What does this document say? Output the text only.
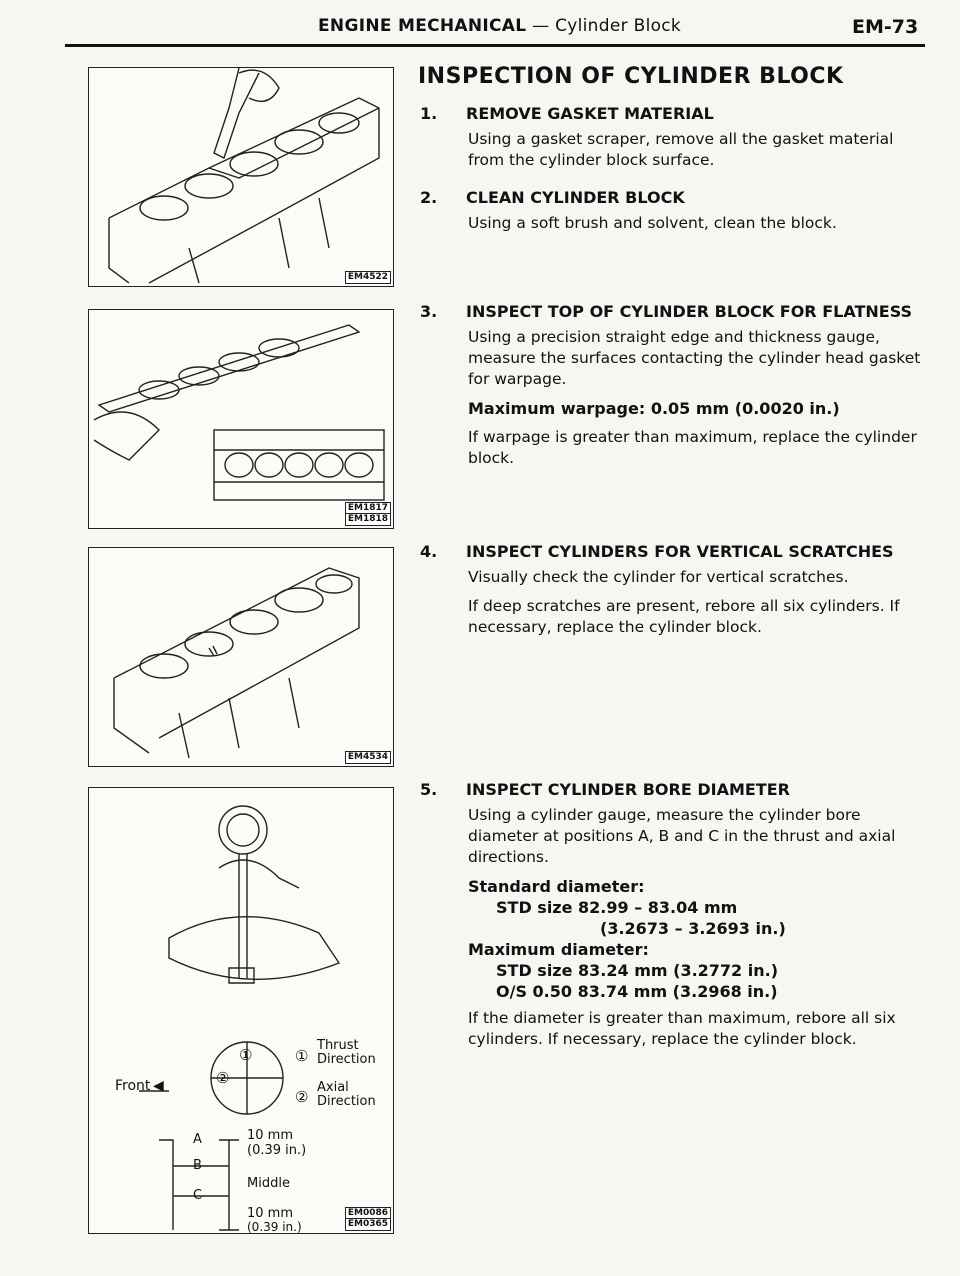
ENGINE MECHANICAL — Cylinder Block	EM-73
EM4522
EM1817
EM1818
EM4534
①
②
Front ◀
①
Thrust
Direction
②
Axial
Direction
A
B
C
10 mm
(0.39 in.)
Middle
10 mm
(0.39 in.)
EM0086
EM0365
INSPECTION OF CYLINDER BLOCK

1. REMOVE GASKET MATERIAL

Using a gasket scraper, remove all the gasket material from the cylinder block surface.

2. CLEAN CYLINDER BLOCK

Using a soft brush and solvent, clean the block.

3. INSPECT TOP OF CYLINDER BLOCK FOR FLATNESS

Using a precision straight edge and thickness gauge, measure the surfaces contacting the cylinder head gasket for warpage.

Maximum warpage: 0.05 mm (0.0020 in.)

If warpage is greater than maximum, replace the cylinder block.

4. INSPECT CYLINDERS FOR VERTICAL SCRATCHES

Visually check the cylinder for vertical scratches.

If deep scratches are present, rebore all six cylinders. If necessary, replace the cylinder block.

5. INSPECT CYLINDER BORE DIAMETER

Using a cylinder gauge, measure the cylinder bore diameter at positions A, B and C in the thrust and axial directions.

Standard diameter:
STD size 82.99 – 83.04 mm
(3.2673 – 3.2693 in.)
Maximum diameter:
STD size 83.24 mm (3.2772 in.)
O/S 0.50 83.74 mm (3.2968 in.)

If the diameter is greater than maximum, rebore all six cylinders. If necessary, replace the cylinder block.
